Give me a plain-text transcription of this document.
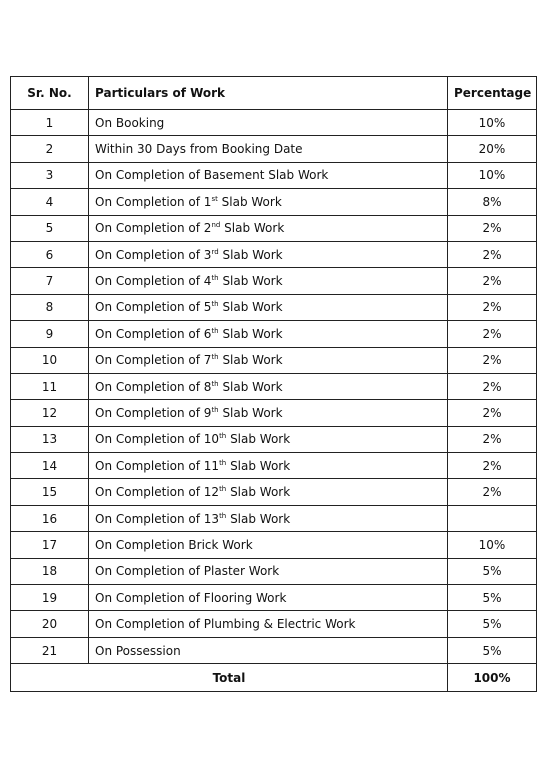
Sr. No.	Particulars of Work	Percentage
1	On Booking	10%
2	Within 30 Days from Booking Date	20%
3	On Completion of Basement Slab Work	10%
4	On Completion of 1st Slab Work	8%
5	On Completion of 2nd Slab Work	2%
6	On Completion of 3rd Slab Work	2%
7	On Completion of 4th Slab Work	2%
8	On Completion of 5th Slab Work	2%
9	On Completion of 6th Slab Work	2%
10	On Completion of 7th Slab Work	2%
11	On Completion of 8th Slab Work	2%
12	On Completion of 9th Slab Work	2%
13	On Completion of 10th Slab Work	2%
14	On Completion of 11th Slab Work	2%
15	On Completion of 12th Slab Work	2%
16	On Completion of 13th Slab Work	
17	On Completion Brick Work	10%
18	On Completion of Plaster Work	5%
19	On Completion of Flooring Work	5%
20	On Completion of Plumbing & Electric Work	5%
21	On Possession	5%
Total		100%
